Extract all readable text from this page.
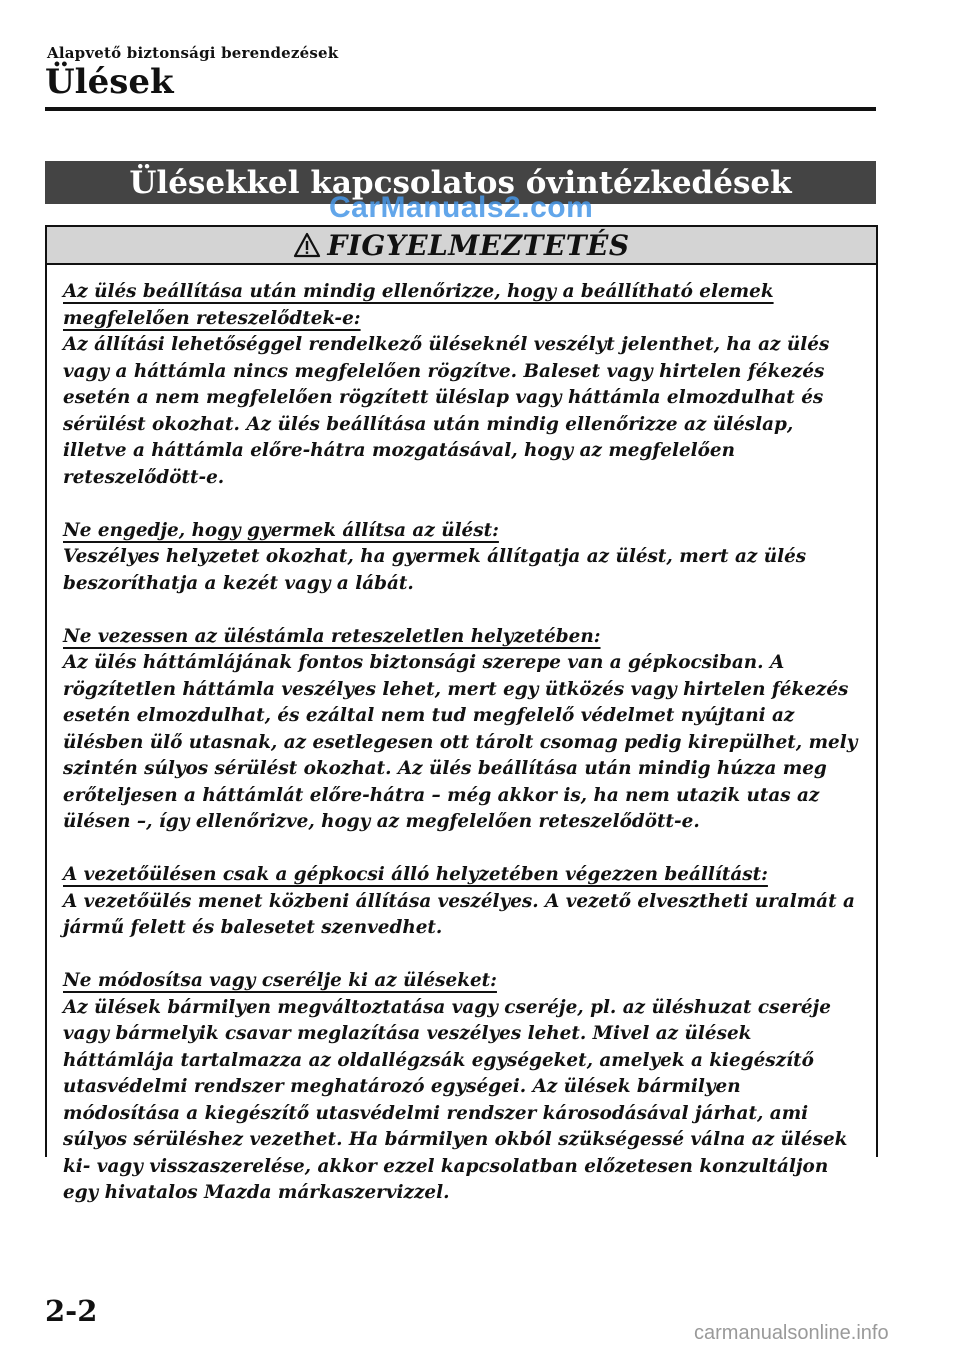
Alapvető biztonsági berendezések
Ülések
Ülésekkel kapcsolatos óvintézkedések
CarManuals2.com
FIGYELMEZTETÉS
Az ülés beállítása után mindig ellenőrizze, hogy a beállítható elemek megfelelően reteszelődtek-e:
Az állítási lehetőséggel rendelkező üléseknél veszélyt jelenthet, ha az ülés vagy a háttámla nincs megfelelően rögzítve. Baleset vagy hirtelen fékezés esetén a nem megfelelően rögzített üléslap vagy háttámla elmozdulhat és sérülést okozhat. Az ülés beállítása után mindig ellenőrizze az üléslap, illetve a háttámla előre-hátra mozgatásával, hogy az megfelelően reteszelődött-e.
Ne engedje, hogy gyermek állítsa az ülést:
Veszélyes helyzetet okozhat, ha gyermek állítgatja az ülést, mert az ülés beszoríthatja a kezét vagy a lábát.
Ne vezessen az üléstámla reteszeletlen helyzetében:
Az ülés háttámlájának fontos biztonsági szerepe van a gépkocsiban. A rögzítetlen háttámla veszélyes lehet, mert egy ütközés vagy hirtelen fékezés esetén elmozdulhat, és ezáltal nem tud megfelelő védelmet nyújtani az ülésben ülő utasnak, az esetlegesen ott tárolt csomag pedig kirepülhet, mely szintén súlyos sérülést okozhat. Az ülés beállítása után mindig húzza meg erőteljesen a háttámlát előre-hátra – még akkor is, ha nem utazik utas az ülésen –, így ellenőrizve, hogy az megfelelően reteszelődött-e.
A vezetőülésen csak a gépkocsi álló helyzetében végezzen beállítást:
A vezetőülés menet közbeni állítása veszélyes. A vezető elvesztheti uralmát a jármű felett és balesetet szenvedhet.
Ne módosítsa vagy cserélje ki az üléseket:
Az ülések bármilyen megváltoztatása vagy cseréje, pl. az üléshuzat cseréje vagy bármelyik csavar meglazítása veszélyes lehet. Mivel az ülések háttámlája tartalmazza az oldallégzsák egységeket, amelyek a kiegészítő utasvédelmi rendszer meghatározó egységei. Az ülések bármilyen módosítása a kiegészítő utasvédelmi rendszer károsodásával járhat, ami súlyos sérüléshez vezethet. Ha bármilyen okból szükségessé válna az ülések ki- vagy visszaszerelése, akkor ezzel kapcsolatban előzetesen konzultáljon egy hivatalos Mazda márkaszervizzel.
2-2
carmanualsonline.info
